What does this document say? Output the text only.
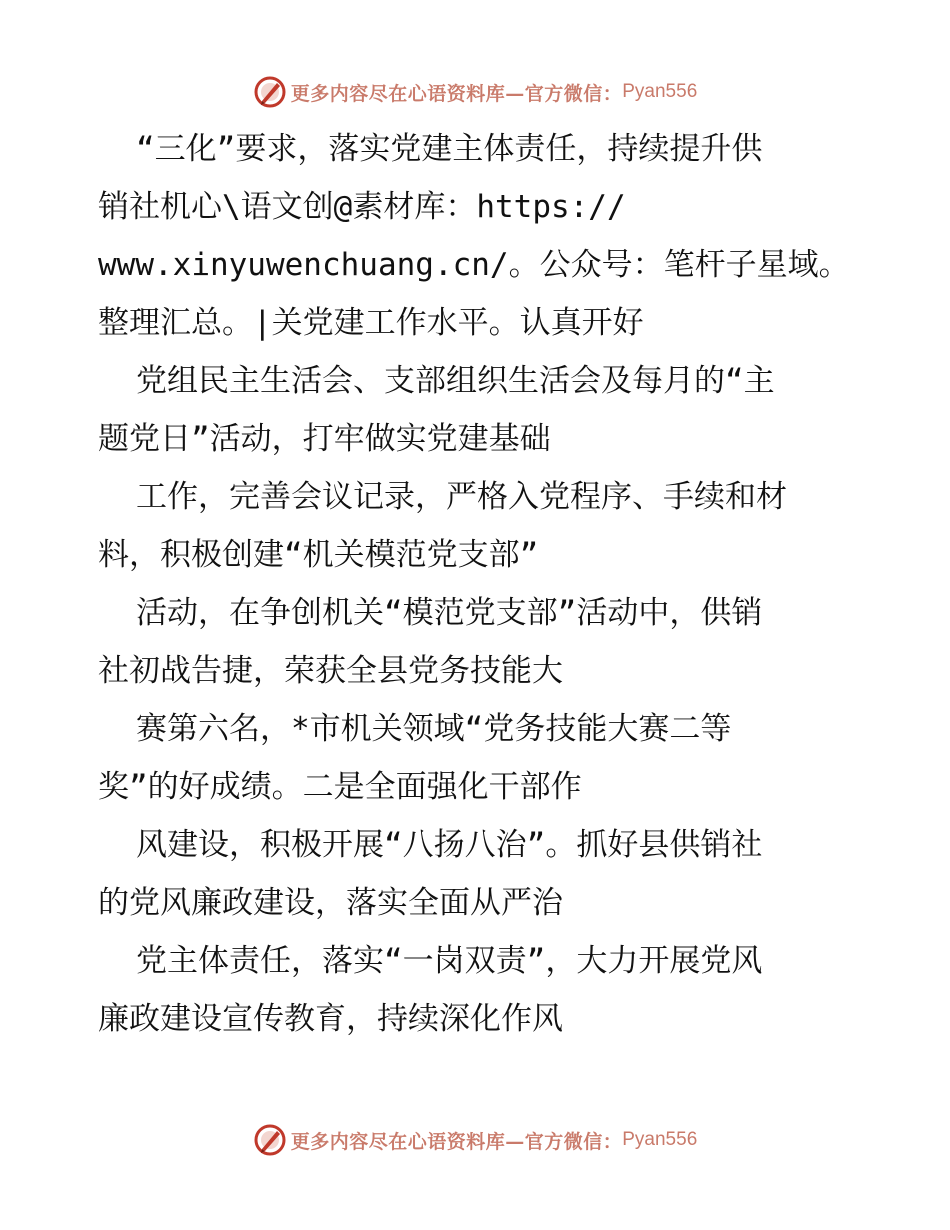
更多内容尽在心语资料库—官方微信： Pyan556
“三化”要求，落实党建主体责任，持续提升供
销社机心\语文创@素材库：https://
www.xinyuwenchuang.cn/。公众号：笔杆子星域。
整理汇总。|关党建工作水平。认真开好
党组民主生活会、支部组织生活会及每月的“主
题党日”活动，打牢做实党建基础
工作，完善会议记录，严格入党程序、手续和材
料，积极创建“机关模范党支部”
活动，在争创机关“模范党支部”活动中，供销
社初战告捷，荣获全县党务技能大
赛第六名，*市机关领域“党务技能大赛二等
奖”的好成绩。二是全面强化干部作
风建设，积极开展“八扬八治”。抓好县供销社
的党风廉政建设，落实全面从严治
党主体责任，落实“一岗双责”，大力开展党风
廉政建设宣传教育，持续深化作风
更多内容尽在心语资料库—官方微信： Pyan556
